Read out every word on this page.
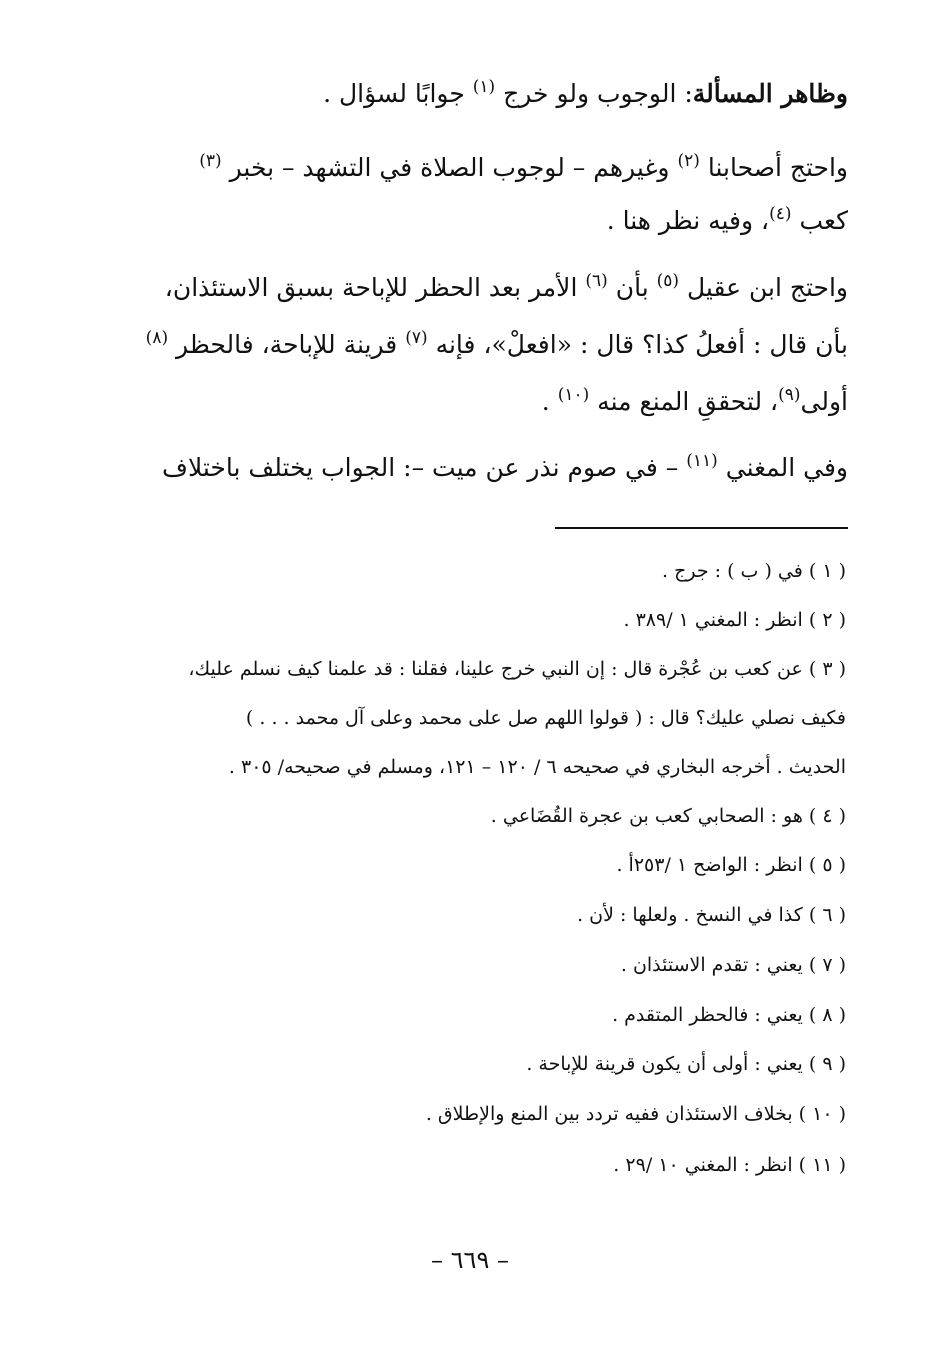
وظاهر المسألة: الوجوب ولو خرج $^{(١)}$ جوابًا لسؤال .
واحتج أصحابنا $^{(٢)}$ وغيرهم – لوجوب الصلاة في التشهد – بخبر $^{(٣)}$
كعب $^{(٤)}$، وفيه نظر هنا .
واحتج ابن عقيل $^{(٥)}$ بأن $^{(٦)}$ الأمر بعد الحظر للإباحة بسبق الاستئذان،
بأن قال : أفعلُ كذا؟ قال : «افعلْ»، فإنه $^{(٧)}$ قرينة للإباحة، فالحظر $^{(٨)}$
أولى$^{(٩)}$، لتحققِ المنع منه $^{(١٠)}$ .
وفي المغني $^{(١١)}$ – في صوم نذر عن ميت –: الجواب يختلف باختلاف
( ١ ) في ( ب ) : جرج .
( ٢ ) انظر : المغني ١ /٣٨٩ .
( ٣ ) عن كعب بن عُجْرة قال : إن النبي خرج علينا، فقلنا : قد علمنا كيف نسلم عليك،
فكيف نصلي عليك؟ قال : ( قولوا اللهم صل على محمد وعلى آل محمد . . . )
الحديث . أخرجه البخاري في صحيحه ٦ / ١٢٠ – ١٢١، ومسلم في صحيحه/ ٣٠٥ .
( ٤ ) هو : الصحابي كعب بن عجرة القُضَاعي .
( ٥ ) انظر : الواضح ١ /٢٥٣أ .
( ٦ ) كذا في النسخ . ولعلها : لأن .
( ٧ ) يعني : تقدم الاستئذان .
( ٨ ) يعني : فالحظر المتقدم .
( ٩ ) يعني : أولى أن يكون قرينة للإباحة .
( ١٠ ) بخلاف الاستئذان ففيه تردد بين المنع والإطلاق .
( ١١ ) انظر : المغني ١٠ /٢٩ .
– ٦٦٩ –
